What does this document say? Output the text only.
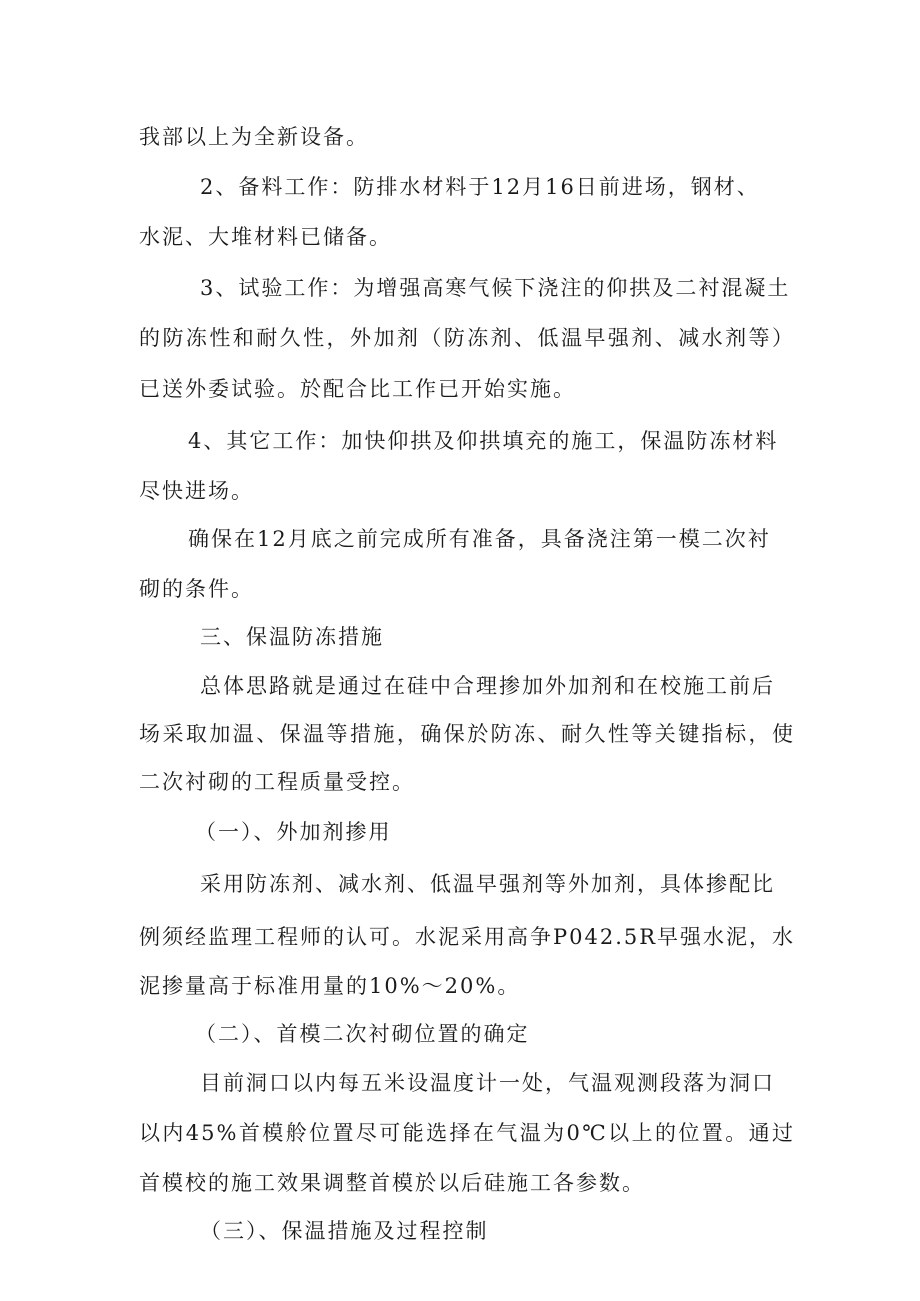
我部以上为全新设备。
2、备料工作：防排水材料于12月16日前进场，钢材、
水泥、大堆材料已储备。
3、试验工作：为增强高寒气候下浇注的仰拱及二衬混凝土
的防冻性和耐久性，外加剂（防冻剂、低温早强剂、减水剂等）
已送外委试验。於配合比工作已开始实施。
4、其它工作：加快仰拱及仰拱填充的施工，保温防冻材料
尽快进场。
确保在12月底之前完成所有准备，具备浇注第一模二次衬
砌的条件。
三、保温防冻措施
总体思路就是通过在硅中合理掺加外加剂和在校施工前后
场采取加温、保温等措施，确保於防冻、耐久性等关键指标，使
二次衬砌的工程质量受控。
（一）、外加剂掺用
采用防冻剂、减水剂、低温早强剂等外加剂，具体掺配比
例须经监理工程师的认可。水泥采用高争P042.5R早强水泥，水
泥掺量高于标准用量的10%～20%。
（二）、首模二次衬砌位置的确定
目前洞口以内每五米设温度计一处，气温观测段落为洞口
以内45%首模舲位置尽可能选择在气温为0℃以上的位置。通过
首模校的施工效果调整首模於以后硅施工各参数。
（三）、保温措施及过程控制
